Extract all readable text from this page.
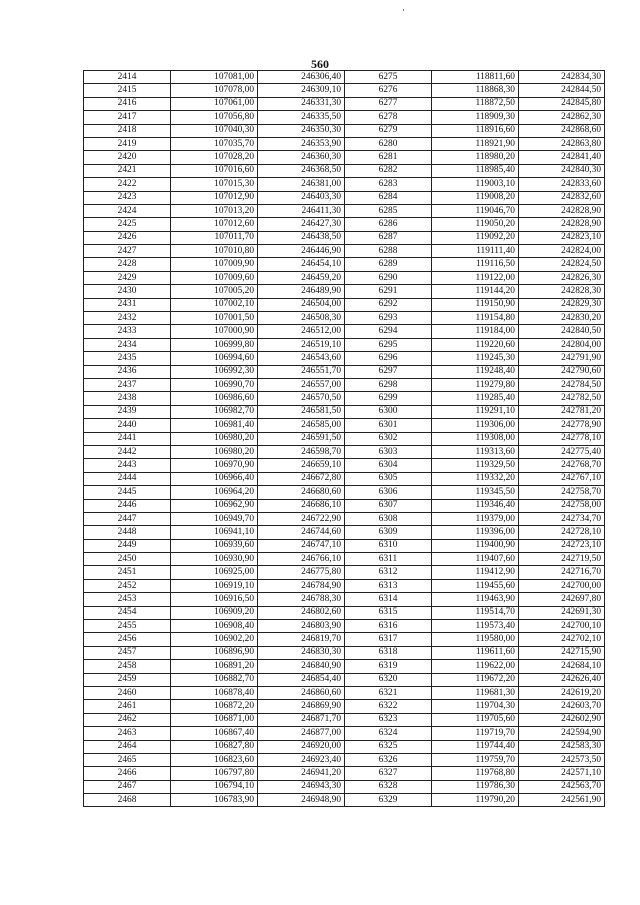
560
2414	107081,00	246306,40	6275	118811,60	242834,30
2415	107078,00	246309,10	6276	118868,30	242844,50
2416	107061,00	246331,30	6277	118872,50	242845,80
2417	107056,80	246335,50	6278	118909,30	242862,30
2418	107040,30	246350,30	6279	118916,60	242868,60
2419	107035,70	246353,90	6280	118921,90	242863,80
2420	107028,20	246360,30	6281	118980,20	242841,40
2421	107016,60	246368,50	6282	118985,40	242840,30
2422	107015,30	246381,00	6283	119003,10	242833,60
2423	107012,90	246403,30	6284	119008,20	242832,60
2424	107013,20	246411,30	6285	119046,70	242828,90
2425	107012,60	246427,30	6286	119050,20	242828,90
2426	107011,70	246438,50	6287	119092,20	242823,10
2427	107010,80	246446,90	6288	119111,40	242824,00
2428	107009,90	246454,10	6289	119116,50	242824,50
2429	107009,60	246459,20	6290	119122,00	242826,30
2430	107005,20	246489,90	6291	119144,20	242828,30
2431	107002,10	246504,00	6292	119150,90	242829,30
2432	107001,50	246508,30	6293	119154,80	242830,20
2433	107000,90	246512,00	6294	119184,00	242840,50
2434	106999,80	246519,10	6295	119220,60	242804,00
2435	106994,60	246543,60	6296	119245,30	242791,90
2436	106992,30	246551,70	6297	119248,40	242790,60
2437	106990,70	246557,00	6298	119279,80	242784,50
2438	106986,60	246570,50	6299	119285,40	242782,50
2439	106982,70	246581,50	6300	119291,10	242781,20
2440	106981,40	246585,00	6301	119306,00	242778,90
2441	106980,20	246591,50	6302	119308,00	242778,10
2442	106980,20	246598,70	6303	119313,60	242775,40
2443	106970,90	246659,10	6304	119329,50	242768,70
2444	106966,40	246672,80	6305	119332,20	242767,10
2445	106964,20	246680,60	6306	119345,50	242758,70
2446	106962,90	246686,10	6307	119346,40	242758,00
2447	106949,70	246722,90	6308	119379,00	242734,70
2448	106941,10	246744,60	6309	119396,00	242728,10
2449	106939,60	246747,10	6310	119400,90	242723,10
2450	106930,90	246766,10	6311	119407,60	242719,50
2451	106925,00	246775,80	6312	119412,90	242716,70
2452	106919,10	246784,90	6313	119455,60	242700,00
2453	106916,50	246788,30	6314	119463,90	242697,80
2454	106909,20	246802,60	6315	119514,70	242691,30
2455	106908,40	246803,90	6316	119573,40	242700,10
2456	106902,20	246819,70	6317	119580,00	242702,10
2457	106896,90	246830,30	6318	119611,60	242715,90
2458	106891,20	246840,90	6319	119622,00	242684,10
2459	106882,70	246854,40	6320	119672,20	242626,40
2460	106878,40	246860,60	6321	119681,30	242619,20
2461	106872,20	246869,90	6322	119704,30	242603,70
2462	106871,00	246871,70	6323	119705,60	242602,90
2463	106867,40	246877,00	6324	119719,70	242594,90
2464	106827,80	246920,00	6325	119744,40	242583,30
2465	106823,60	246923,40	6326	119759,70	242573,50
2466	106797,80	246941,20	6327	119768,80	242571,10
2467	106794,10	246943,30	6328	119786,30	242563,70
2468	106783,90	246948,90	6329	119790,20	242561,90
